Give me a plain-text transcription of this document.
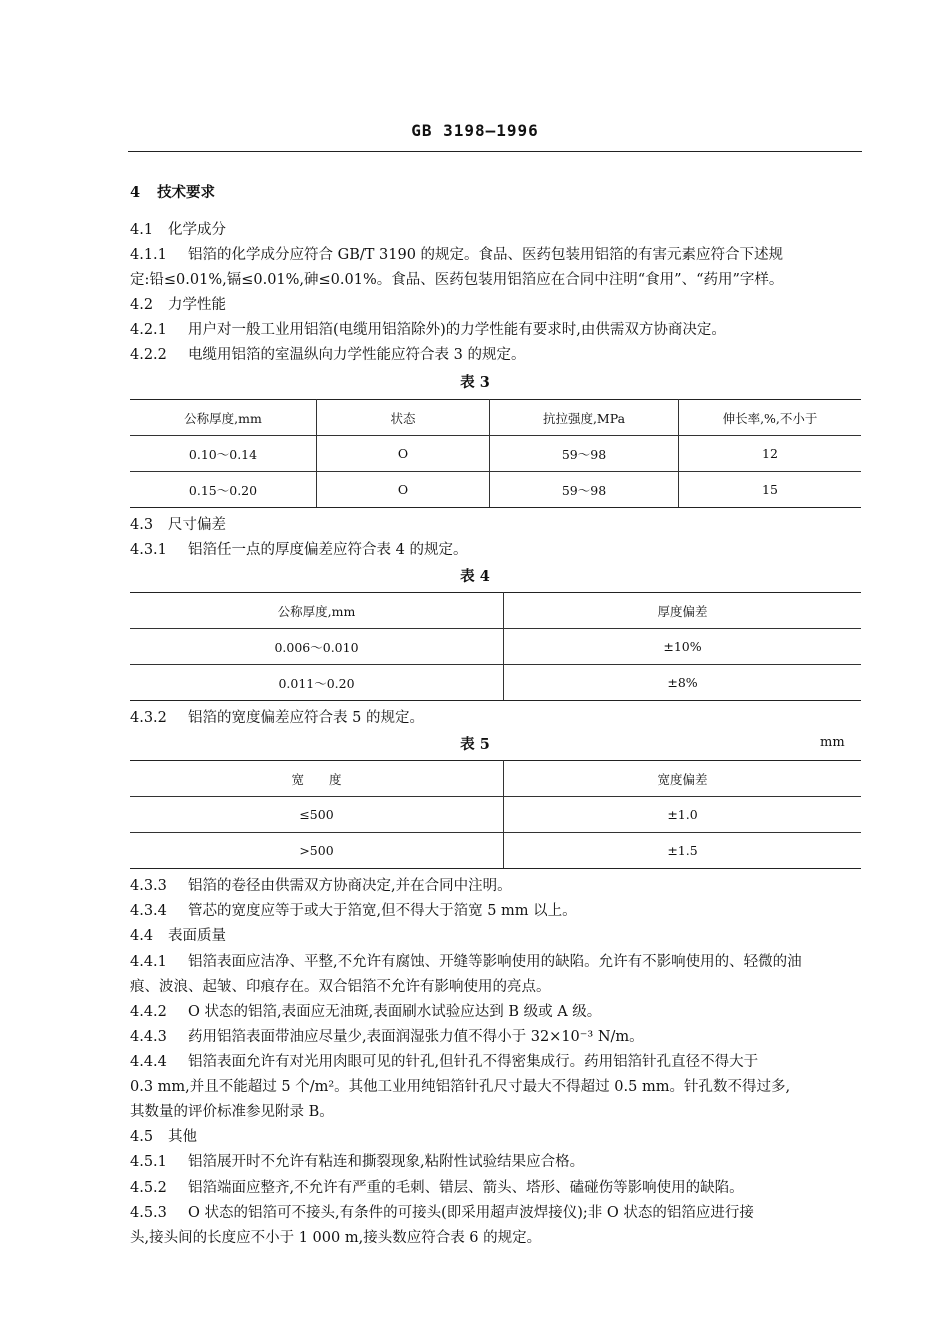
GB 3198—1996
4 技术要求
4.1 化学成分
4.1.1 铝箔的化学成分应符合 GB/T 3190 的规定。食品、医药包装用铝箔的有害元素应符合下述规
定:铅≤0.01%,镉≤0.01%,砷≤0.01%。食品、医药包装用铝箔应在合同中注明“食用”、“药用”字样。
4.2 力学性能
4.2.1 用户对一般工业用铝箔(电缆用铝箔除外)的力学性能有要求时,由供需双方协商决定。
4.2.2 电缆用铝箔的室温纵向力学性能应符合表 3 的规定。
表 3
公称厚度,mm	状态	抗拉强度,MPa	伸长率,%,不小于
0.10～0.14	O	59～98	12
0.15～0.20	O	59～98	15
4.3 尺寸偏差
4.3.1 铝箔任一点的厚度偏差应符合表 4 的规定。
表 4
公称厚度,mm	厚度偏差
0.006～0.010	±10%
0.011～0.20	±8%
4.3.2 铝箔的宽度偏差应符合表 5 的规定。
表 5	mm
宽　　度	宽度偏差
≤500	±1.0
>500	±1.5
4.3.3 铝箔的卷径由供需双方协商决定,并在合同中注明。
4.3.4 管芯的宽度应等于或大于箔宽,但不得大于箔宽 5 mm 以上。
4.4 表面质量
4.4.1 铝箔表面应洁净、平整,不允许有腐蚀、开缝等影响使用的缺陷。允许有不影响使用的、轻微的油
痕、波浪、起皱、印痕存在。双合铝箔不允许有影响使用的亮点。
4.4.2 O 状态的铝箔,表面应无油斑,表面刷水试验应达到 B 级或 A 级。
4.4.3 药用铝箔表面带油应尽量少,表面润湿张力值不得小于 32×10⁻³ N/m。
4.4.4 铝箔表面允许有对光用肉眼可见的针孔,但针孔不得密集成行。药用铝箔针孔直径不得大于
0.3 mm,并且不能超过 5 个/m²。其他工业用纯铝箔针孔尺寸最大不得超过 0.5 mm。针孔数不得过多,
其数量的评价标准参见附录 B。
4.5 其他
4.5.1 铝箔展开时不允许有粘连和撕裂现象,粘附性试验结果应合格。
4.5.2 铝箔端面应整齐,不允许有严重的毛刺、错层、箭头、塔形、磕碰伤等影响使用的缺陷。
4.5.3 O 状态的铝箔可不接头,有条件的可接头(即采用超声波焊接仪);非 O 状态的铝箔应进行接
头,接头间的长度应不小于 1 000 m,接头数应符合表 6 的规定。
